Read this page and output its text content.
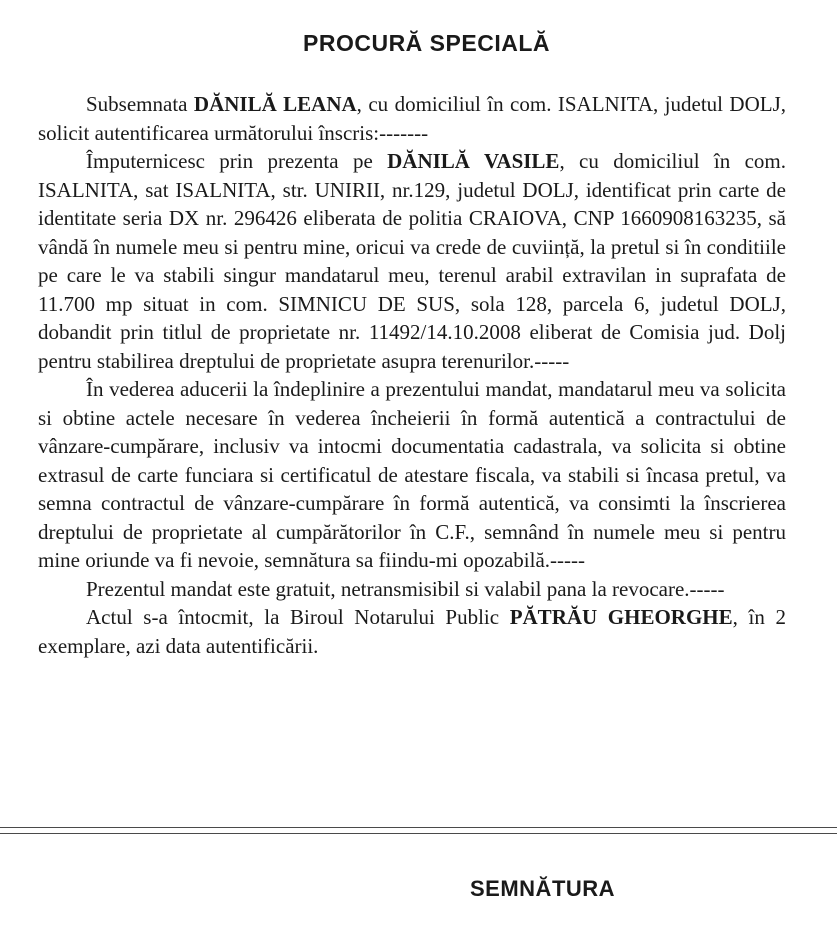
PROCURĂ SPECIALĂ

Subsemnata DĂNILĂ LEANA, cu domiciliul în com. ISALNITA, judetul DOLJ, solicit autentificarea următorului înscris:-------

Împuternicesc prin prezenta pe DĂNILĂ VASILE, cu domiciliul în com. ISALNITA, sat ISALNITA, str. UNIRII, nr.129, judetul DOLJ, identificat prin carte de identitate seria DX nr. 296426 eliberata de politia CRAIOVA, CNP 1660908163235, să vândă în numele meu si pentru mine, oricui va crede de cuviință, la pretul si în conditiile pe care le va stabili singur mandatarul meu, terenul arabil extravilan in suprafata de 11.700 mp situat in com. SIMNICU DE SUS, sola 128, parcela 6, judetul DOLJ, dobandit prin titlul de proprietate nr. 11492/14.10.2008 eliberat de Comisia jud. Dolj pentru stabilirea dreptului de proprietate asupra terenurilor.-----

În vederea aducerii la îndeplinire a prezentului mandat, mandatarul meu va solicita si obtine actele necesare în vederea încheierii în formă autentică a contractului de vânzare-cumpărare, inclusiv va intocmi documentatia cadastrala, va solicita si obtine extrasul de carte funciara si certificatul de atestare fiscala, va stabili si încasa pretul, va semna contractul de vânzare-cumpărare în formă autentică, va consimti la înscrierea dreptului de proprietate al cumpărătorilor în C.F., semnând în numele meu si pentru mine oriunde va fi nevoie, semnătura sa fiindu-mi opozabilă.-----

Prezentul mandat este gratuit, netransmisibil si valabil pana la revocare.-----

Actul s-a întocmit, la Biroul Notarului Public PĂTRĂU GHEORGHE, în 2 exemplare, azi data autentificării.

SEMNĂTURA
